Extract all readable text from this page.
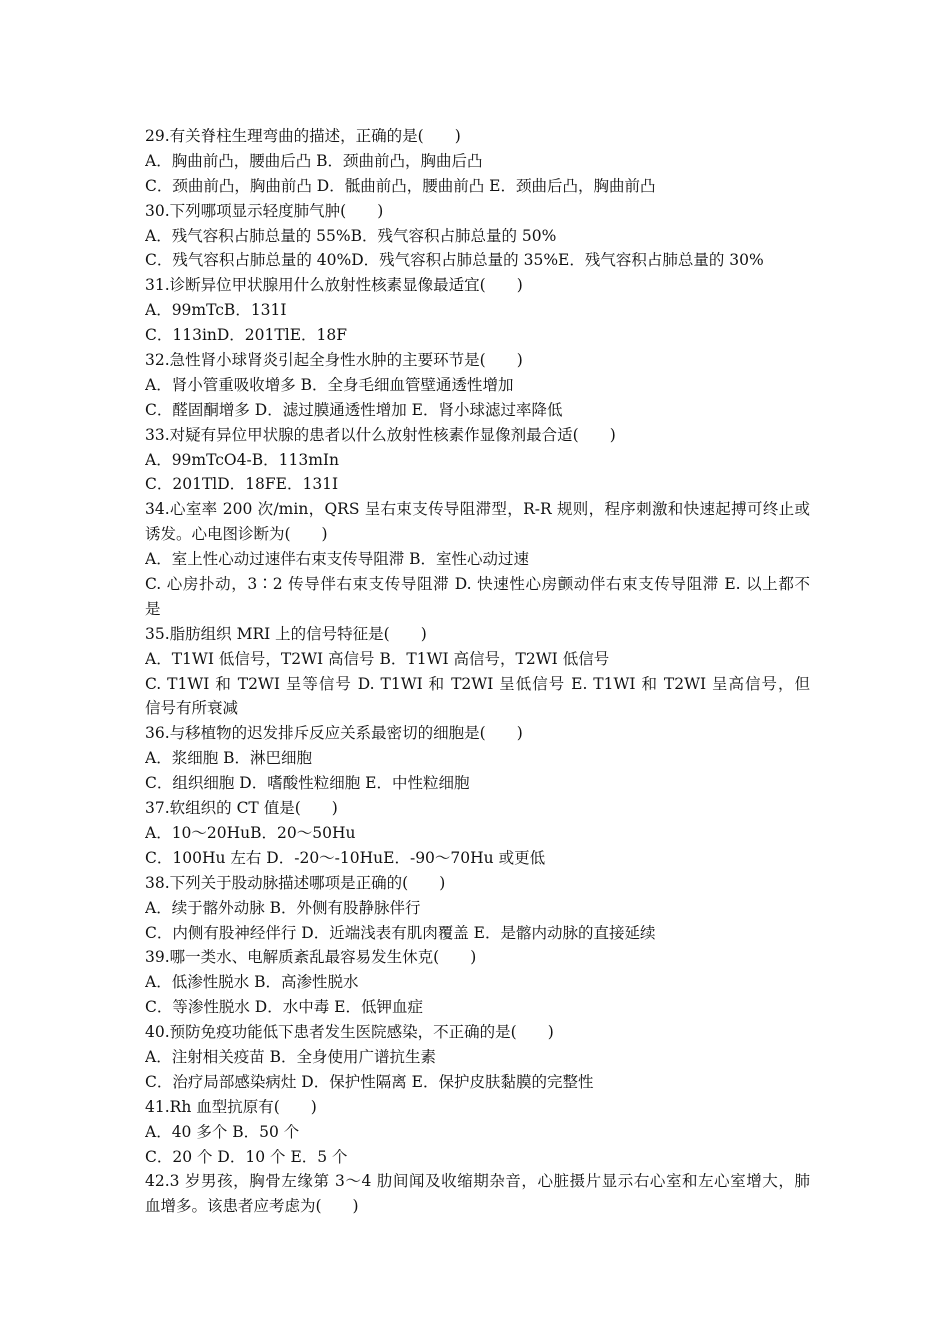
29.有关脊柱生理弯曲的描述，正确的是(　　)
A．胸曲前凸，腰曲后凸 B．颈曲前凸，胸曲后凸
C．颈曲前凸，胸曲前凸 D．骶曲前凸，腰曲前凸 E．颈曲后凸，胸曲前凸
30.下列哪项显示轻度肺气肿(　　)
A．残气容积占肺总量的 55%B．残气容积占肺总量的 50%
C．残气容积占肺总量的 40%D．残气容积占肺总量的 35%E．残气容积占肺总量的 30%
31.诊断异位甲状腺用什么放射性核素显像最适宜(　　)
A．99mTcB．131I
C．113inD．201TlE．18F
32.急性肾小球肾炎引起全身性水肿的主要环节是(　　)
A．肾小管重吸收增多 B．全身毛细血管壁通透性增加
C．醛固酮增多 D．滤过膜通透性增加 E．肾小球滤过率降低
33.对疑有异位甲状腺的患者以什么放射性核素作显像剂最合适(　　)
A．99mTcO4-B．113mIn
C．201TlD．18FE．131I
34.心室率 200 次/min，QRS 呈右束支传导阻滞型，R-R 规则，程序刺激和快速起搏可终止或
诱发。心电图诊断为(　　)
A．室上性心动过速伴右束支传导阻滞 B．室性心动过速
C. 心房扑动，3∶2 传导伴右束支传导阻滞 D. 快速性心房颤动伴右束支传导阻滞 E. 以上都不
是
35.脂肪组织 MRI 上的信号特征是(　　)
A．T1WI 低信号，T2WI 高信号 B．T1WI 高信号，T2WI 低信号
C. T1WI 和 T2WI 呈等信号 D. T1WI 和 T2WI 呈低信号 E. T1WI 和 T2WI 呈高信号，但
信号有所衰减
36.与移植物的迟发排斥反应关系最密切的细胞是(　　)
A．浆细胞 B．淋巴细胞
C．组织细胞 D．嗜酸性粒细胞 E．中性粒细胞
37.软组织的 CT 值是(　　)
A．10～20HuB．20～50Hu
C．100Hu 左右 D．-20～-10HuE．-90～70Hu 或更低
38.下列关于股动脉描述哪项是正确的(　　)
A．续于髂外动脉 B．外侧有股静脉伴行
C．内侧有股神经伴行 D．近端浅表有肌肉覆盖 E．是髂内动脉的直接延续
39.哪一类水、电解质紊乱最容易发生休克(　　)
A．低渗性脱水 B．高渗性脱水
C．等渗性脱水 D．水中毒 E．低钾血症
40.预防免疫功能低下患者发生医院感染，不正确的是(　　)
A．注射相关疫苗 B．全身使用广谱抗生素
C．治疗局部感染病灶 D．保护性隔离 E．保护皮肤黏膜的完整性
41.Rh 血型抗原有(　　)
A．40 多个 B．50 个
C．20 个 D．10 个 E．5 个
42.3 岁男孩，胸骨左缘第 3～4 肋间闻及收缩期杂音，心脏摄片显示右心室和左心室增大，肺
血增多。该患者应考虑为(　　)
